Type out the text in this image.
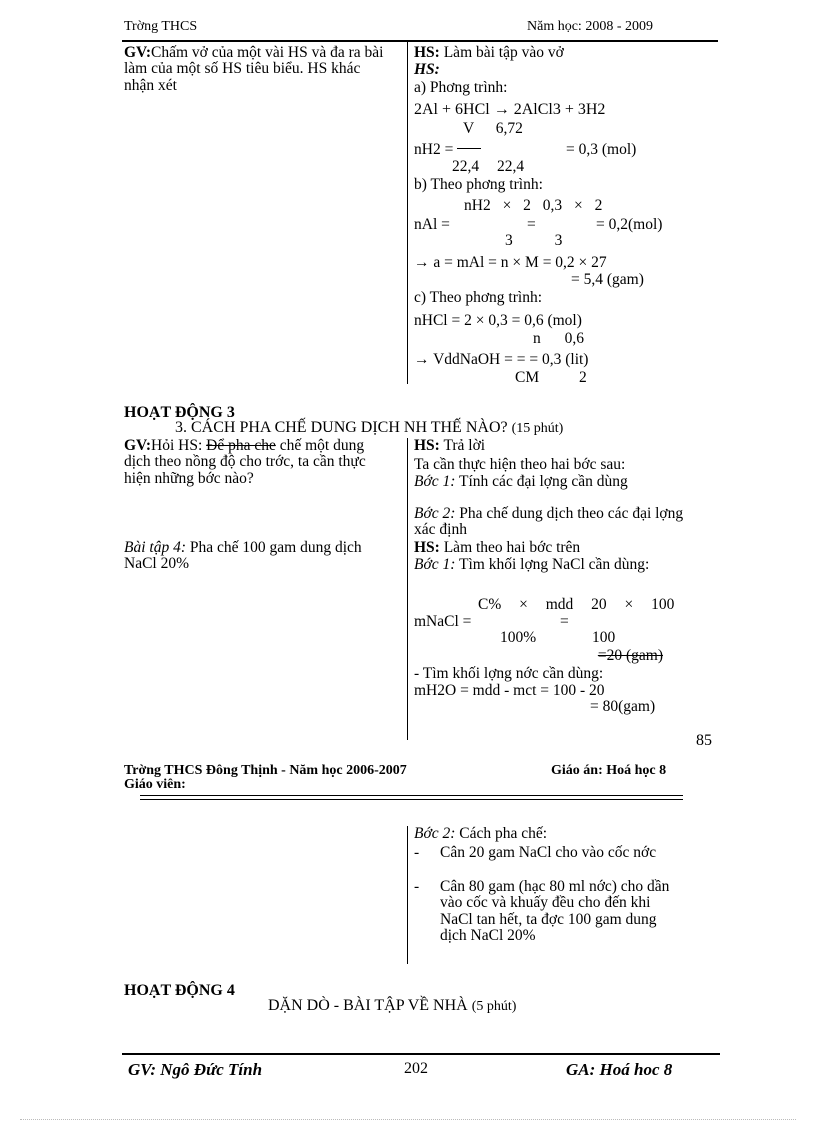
Trờng THCS	Năm học: 2008 - 2009
GV:Chấm vở của một vài HS và đa ra bài làm của một số HS tiêu biểu. HS khác nhận xét
HS: Làm bài tập vào vở
HS:
a) Phơng trình:
2Al + 6HCl → 2AlCl3 + 3H2
V 6,72
nH2 =	= 0,3 (mol)
22,4 22,4
b) Theo phơng trình:
nH2 × 2 0,3 × 2
nAl =	=	= 0,2(mol)
3 3
→ a = mAl = n × M = 0,2 × 27
= 5,4 (gam)
c) Theo phơng trình:
nHCl = 2 × 0,3 = 0,6 (mol)
n 0,6
→ VddNaOH = = = 0,3 (lit)
CM 2
HOẠT ĐỘNG 3
3. CÁCH PHA CHẾ DUNG DỊCH NH THẾ NÀO? (15 phút)
GV:Hỏi HS: Để pha che chế một dung dịch theo nồng độ cho trớc, ta cần thực hiện những bớc nào?
Bài tập 4: Pha chế 100 gam dung dịch NaCl 20%
HS: Trả lời
Ta cần thực hiện theo hai bớc sau:
Bớc 1: Tính các đại lợng cần dùng
Bớc 2: Pha chế dung dịch theo các đại lợng xác định
HS: Làm theo hai bớc trên
Bớc 1: Tìm khối lợng NaCl cần dùng:
C% × mdd 20 × 100
mNaCl =	=
100% 100
=20 (gam)
- Tìm khối lợng nớc cần dùng:
mH2O = mdd - mct = 100 - 20
= 80(gam)
85
Trờng THCS Đông Thịnh - Năm học 2006-2007	Giáo án: Hoá học 8
Giáo viên:
Bớc 2: Cách pha chế:
- Cân 20 gam NaCl cho vào cốc nớc
- Cân 80 gam (hạc 80 ml nớc) cho dần vào cốc và khuấy đều cho đến khi NaCl tan hết, ta đợc 100 gam dung dịch NaCl 20%
HOẠT ĐỘNG 4
DẶN DÒ - BÀI TẬP VỀ NHÀ (5 phút)
GV: Ngô Đức Tính	202	GA: Hoá hoc 8
